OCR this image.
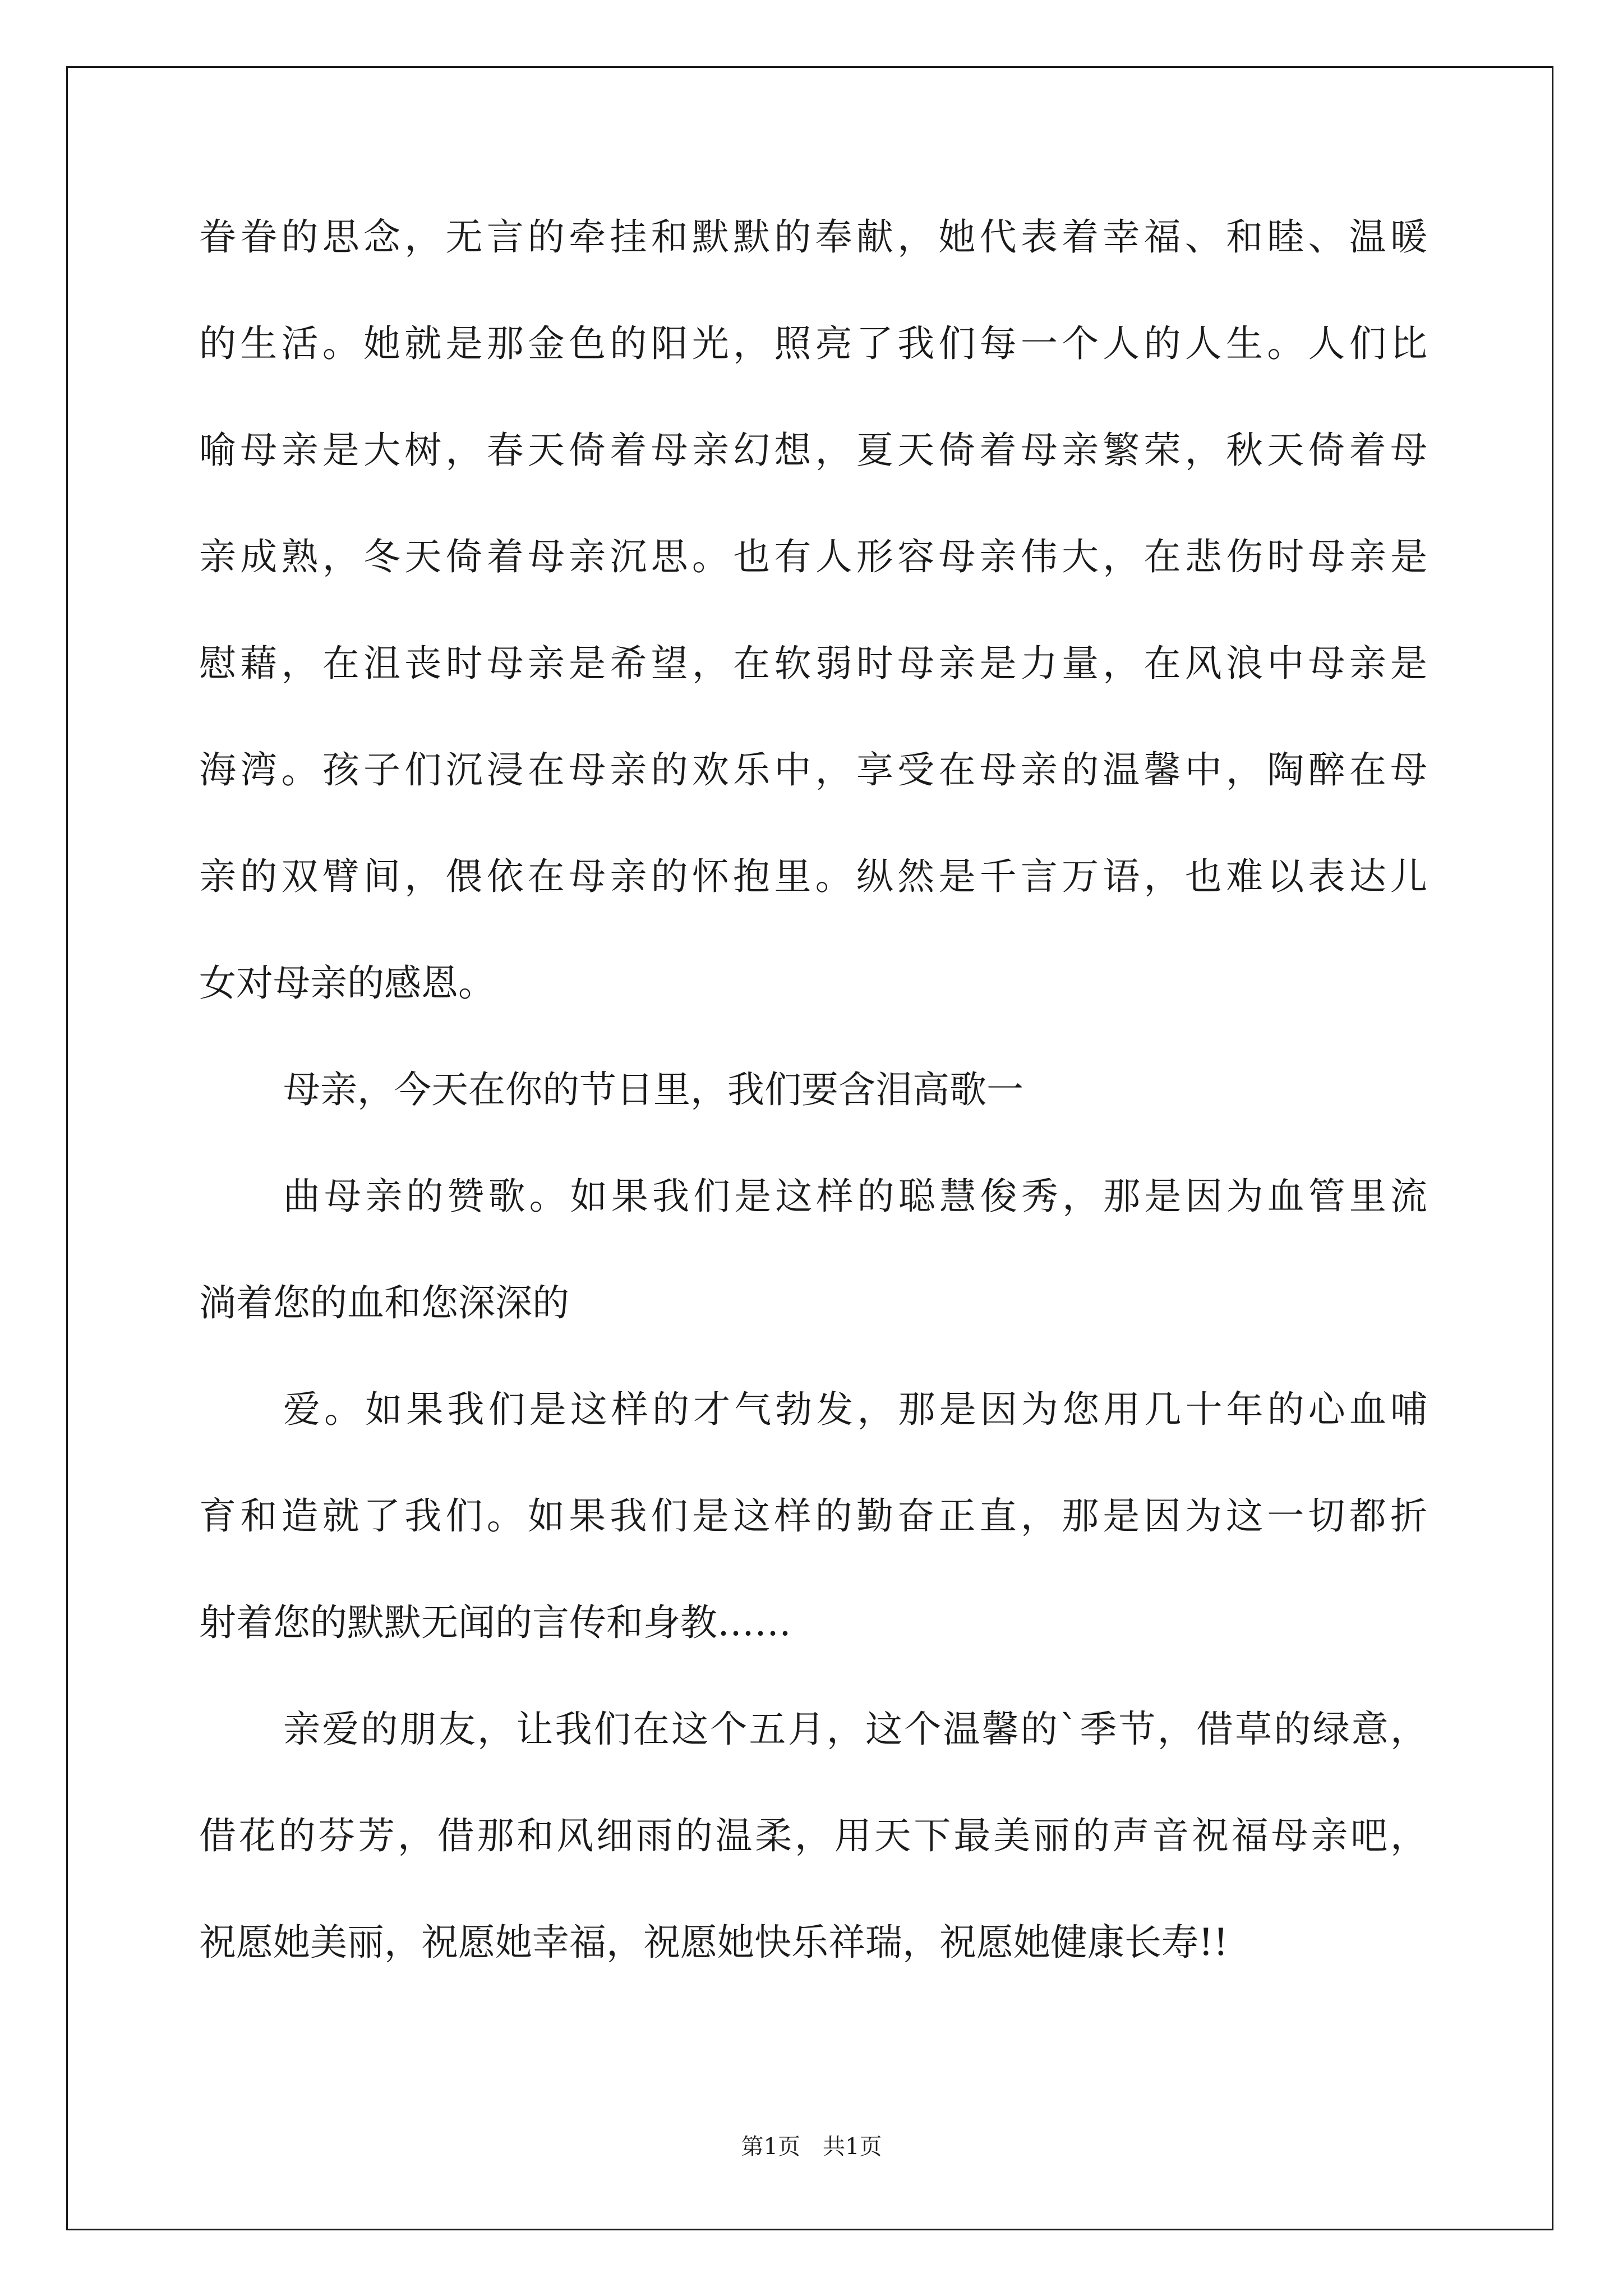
眷眷的思念，无言的牵挂和默默的奉献，她代表着幸福、和睦、温暖
的生活。她就是那金色的阳光，照亮了我们每一个人的人生。人们比
喻母亲是大树，春天倚着母亲幻想，夏天倚着母亲繁荣，秋天倚着母
亲成熟，冬天倚着母亲沉思。也有人形容母亲伟大，在悲伤时母亲是
慰藉，在沮丧时母亲是希望，在软弱时母亲是力量，在风浪中母亲是
海湾。孩子们沉浸在母亲的欢乐中，享受在母亲的温馨中，陶醉在母
亲的双臂间，偎依在母亲的怀抱里。纵然是千言万语，也难以表达儿
女对母亲的感恩。
母亲，今天在你的节日里，我们要含泪高歌一
曲母亲的赞歌。如果我们是这样的聪慧俊秀，那是因为血管里流
淌着您的血和您深深的
爱。如果我们是这样的才气勃发，那是因为您用几十年的心血哺
育和造就了我们。如果我们是这样的勤奋正直，那是因为这一切都折
射着您的默默无闻的言传和身教……
亲爱的朋友，让我们在这个五月，这个温馨的`季节，借草的绿意，
借花的芬芳，借那和风细雨的温柔，用天下最美丽的声音祝福母亲吧，
祝愿她美丽，祝愿她幸福，祝愿她快乐祥瑞，祝愿她健康长寿!!
第1页 共1页
